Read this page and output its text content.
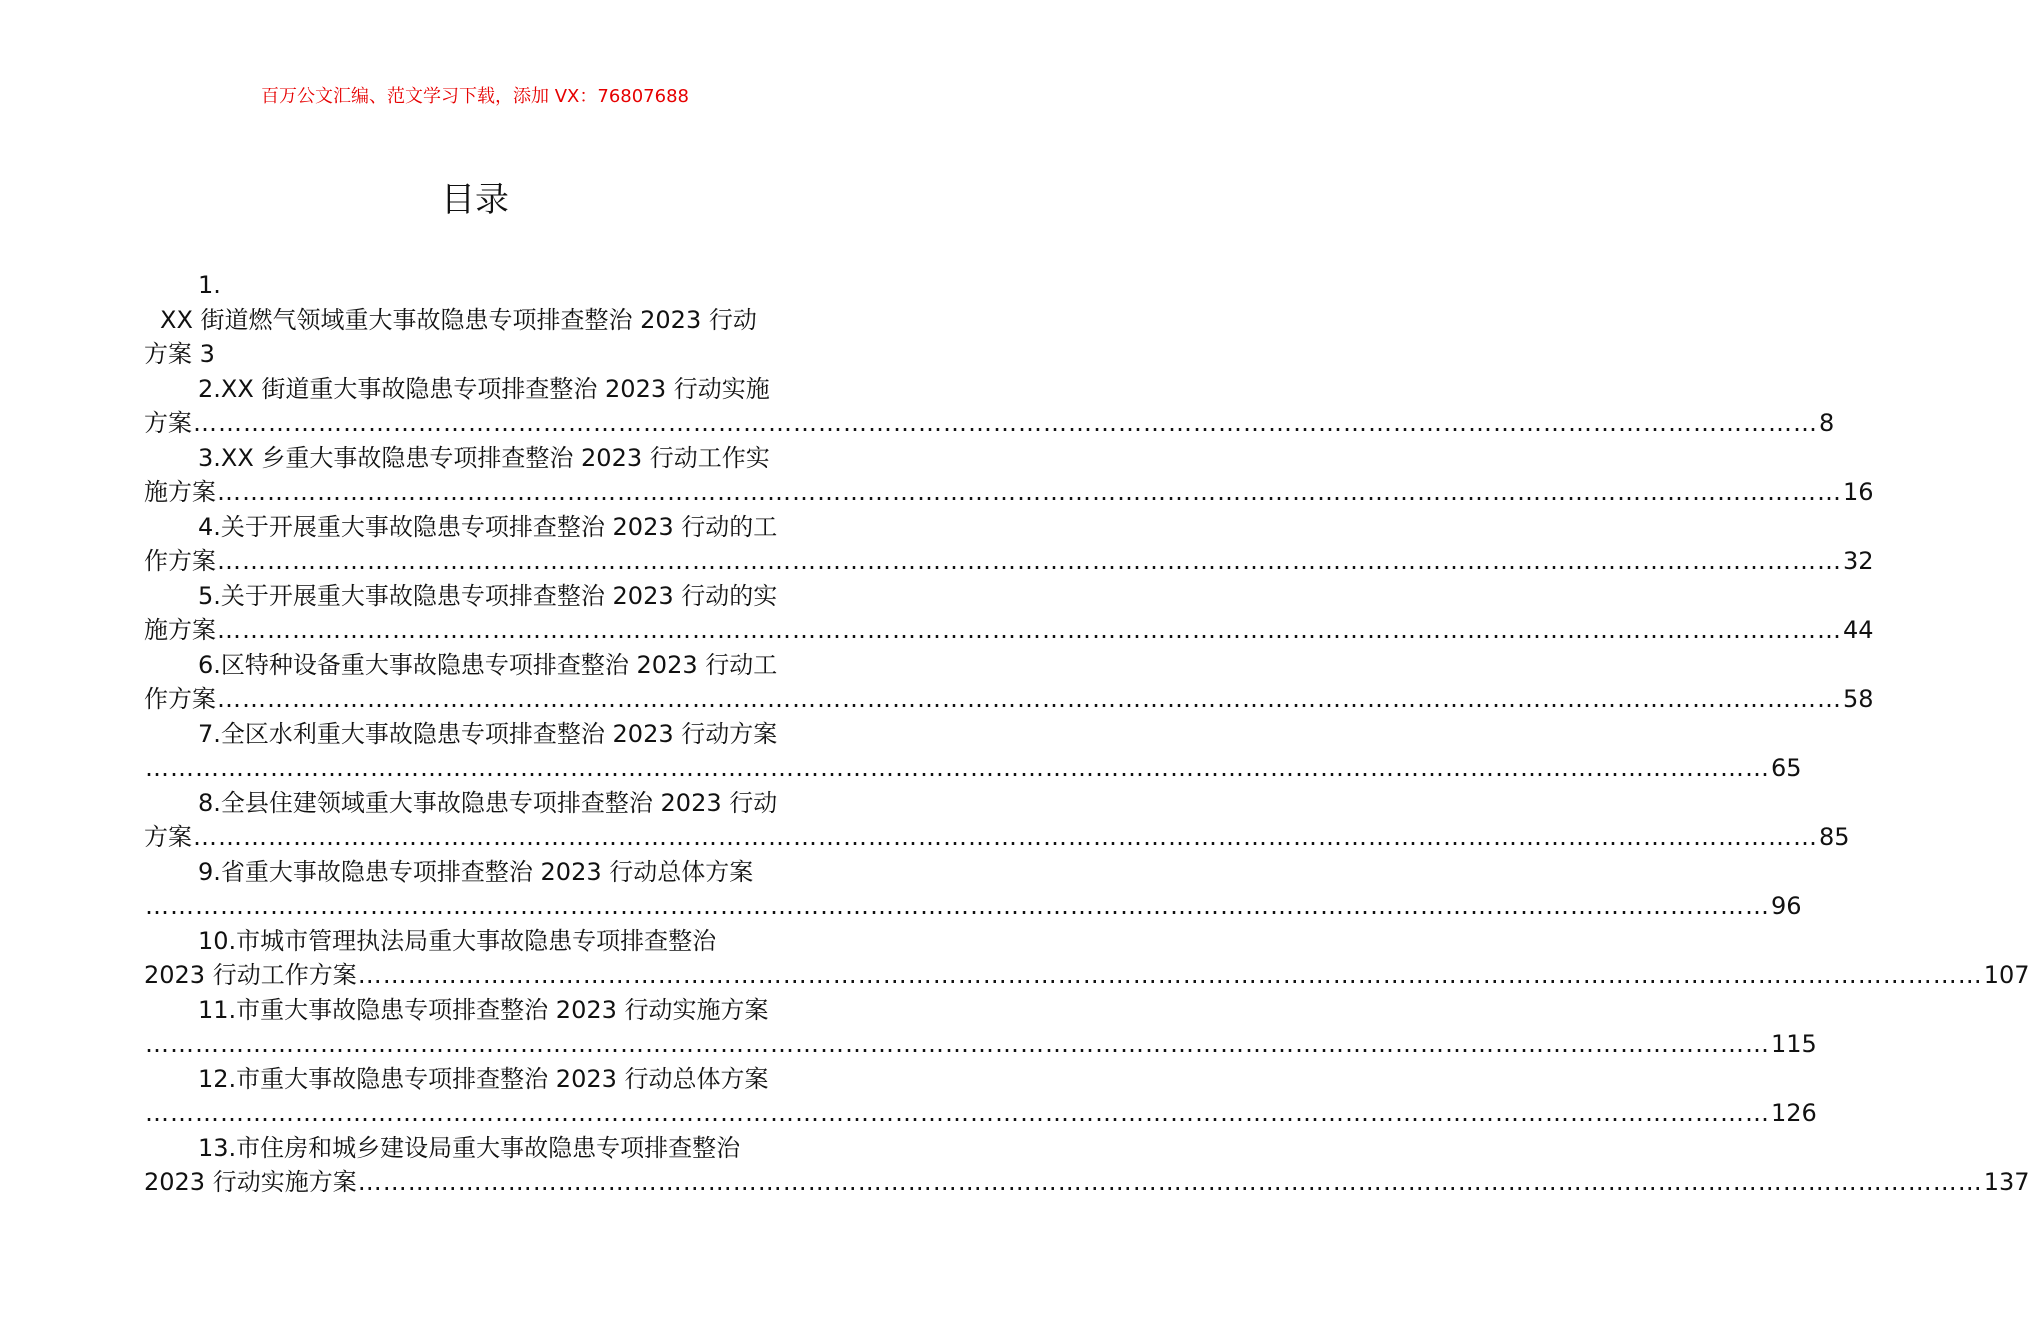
百万公文汇编、范文学习下载，添加 VX：76807688
目录
1.
XX 街道燃气领域重大事故隐患专项排查整治 2023 行动
方案 3
2.XX 街道重大事故隐患专项排查整治 2023 行动实施
方案 …………………………………………………………………………………………………………………………………………………………………………… 8
3.XX 乡重大事故隐患专项排查整治 2023 行动工作实
施方案 …………………………………………………………………………………………………………………………………………………………………………… 16
4.关于开展重大事故隐患专项排查整治 2023 行动的工
作方案 …………………………………………………………………………………………………………………………………………………………………………… 32
5.关于开展重大事故隐患专项排查整治 2023 行动的实
施方案 …………………………………………………………………………………………………………………………………………………………………………… 44
6.区特种设备重大事故隐患专项排查整治 2023 行动工
作方案 …………………………………………………………………………………………………………………………………………………………………………… 58
7.全区水利重大事故隐患专项排查整治 2023 行动方案
…………………………………………………………………………………………………………………………………………………………………………… 65
8.全县住建领域重大事故隐患专项排查整治 2023 行动
方案 …………………………………………………………………………………………………………………………………………………………………………… 85
9.省重大事故隐患专项排查整治 2023 行动总体方案
…………………………………………………………………………………………………………………………………………………………………………… 96
10.市城市管理执法局重大事故隐患专项排查整治
2023 行动工作方案 …………………………………………………………………………………………………………………………………………………………………………… 107
11.市重大事故隐患专项排查整治 2023 行动实施方案
…………………………………………………………………………………………………………………………………………………………………………… 115
12.市重大事故隐患专项排查整治 2023 行动总体方案
…………………………………………………………………………………………………………………………………………………………………………… 126
13.市住房和城乡建设局重大事故隐患专项排查整治
2023 行动实施方案 …………………………………………………………………………………………………………………………………………………………………………… 137
